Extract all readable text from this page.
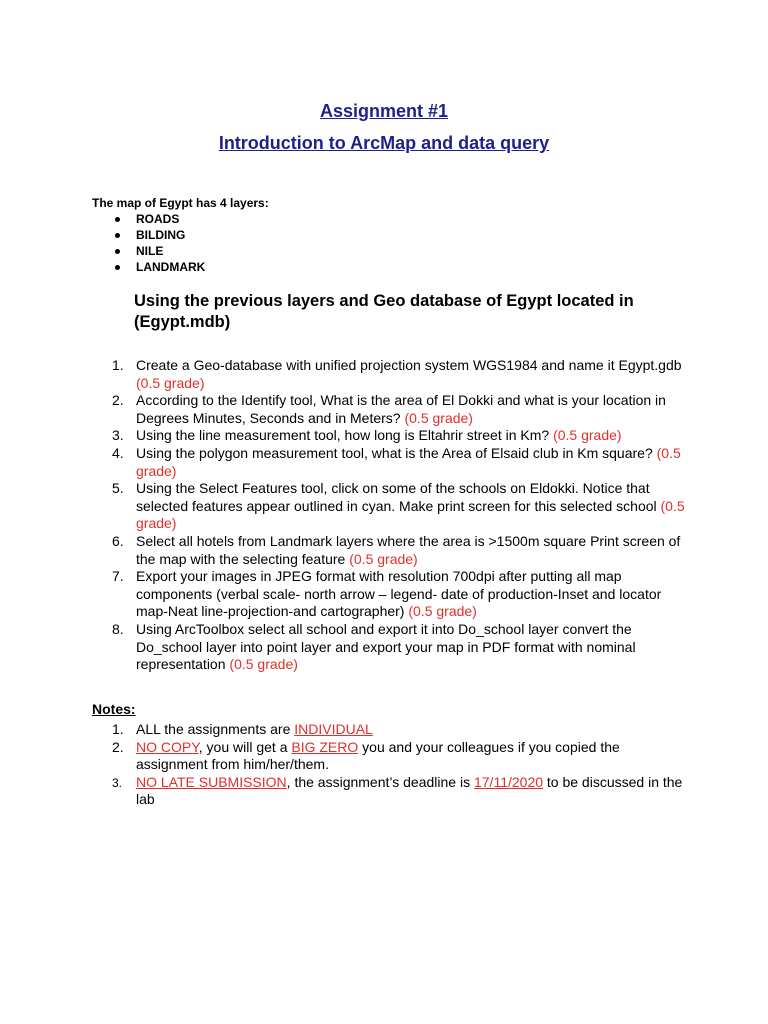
Assignment #1
Introduction to ArcMap and data query

The map of Egypt has 4 layers:

ROADS
BILDING
NILE
LANDMARK

Using the previous layers and Geo database of Egypt located in (Egypt.mdb)

1. Create a Geo-database with unified projection system WGS1984 and name it Egypt.gdb (0.5 grade)
2. According to the Identify tool, What is the area of El Dokki and what is your location in Degrees Minutes, Seconds and in Meters? (0.5 grade)
3. Using the line measurement tool, how long is Eltahrir street in Km? (0.5 grade)
4. Using the polygon measurement tool, what is the Area of Elsaid club in Km square? (0.5 grade)
5. Using the Select Features tool, click on some of the schools on Eldokki. Notice that selected features appear outlined in cyan. Make print screen for this selected school (0.5 grade)
6. Select all hotels from Landmark layers where the area is >1500m square Print screen of the map with the selecting feature (0.5 grade)
7. Export your images in JPEG format with resolution 700dpi after putting all map components (verbal scale- north arrow – legend- date of production-Inset and locator map-Neat line-projection-and cartographer) (0.5 grade)
8. Using ArcToolbox select all school and export it into Do_school layer convert the Do_school layer into point layer and export your map in PDF format with nominal representation (0.5 grade)

Notes:

1. ALL the assignments are INDIVIDUAL
2. NO COPY, you will get a BIG ZERO you and your colleagues if you copied the assignment from him/her/them.
3. NO LATE SUBMISSION, the assignment’s deadline is 17/11/2020 to be discussed in the lab
